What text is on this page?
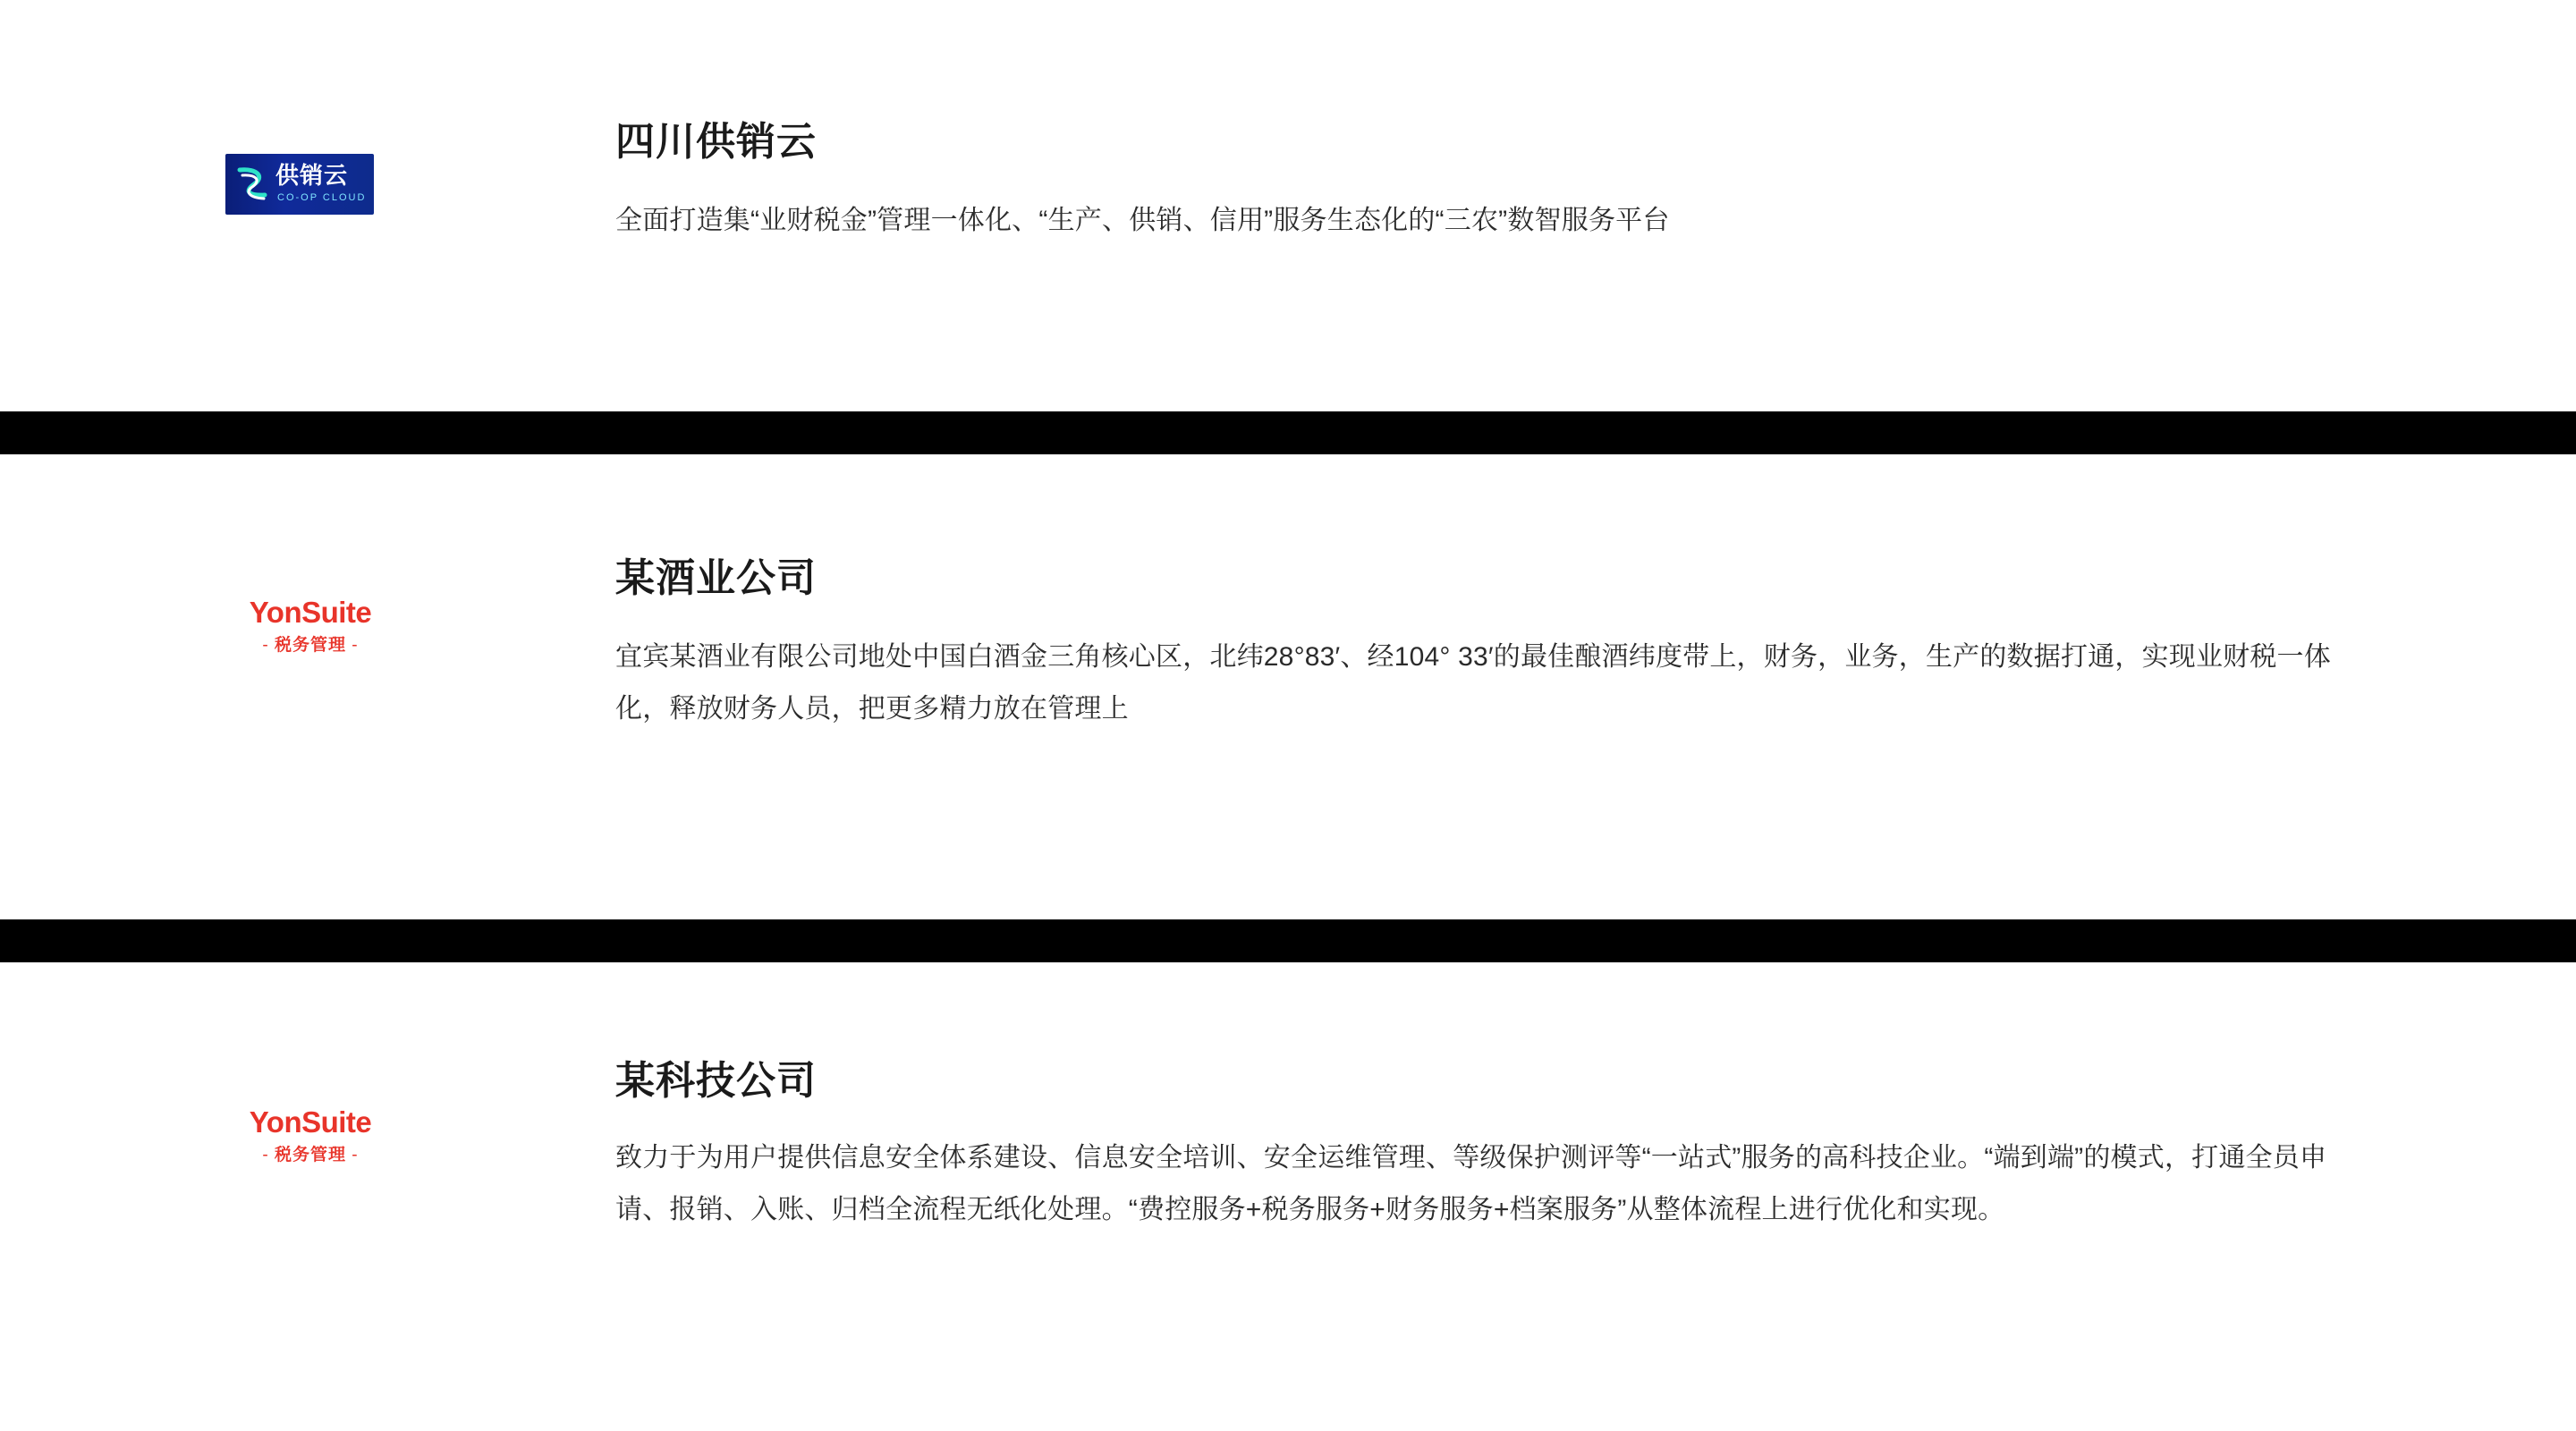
供销云
CO-OP CLOUD
四川供销云

全面打造集“业财税金”管理一体化、“生产、供销、信用”服务生态化的“三农”数智服务平台

YonSuite
- 税务管理 -
某酒业公司

宜宾某酒业有限公司地处中国白酒金三角核心区，北纬28°83′、经104° 33′的最佳酿酒纬度带上，财务，业务，生产的数据打通，实现业财税一体化，释放财务人员，把更多精力放在管理上

YonSuite
- 税务管理 -
某科技公司

致力于为用户提供信息安全体系建设、信息安全培训、安全运维管理、等级保护测评等“一站式”服务的高科技企业。“端到端”的模式，打通全员申请、报销、入账、归档全流程无纸化处理。“费控服务+税务服务+财务服务+档案服务”从整体流程上进行优化和实现。
